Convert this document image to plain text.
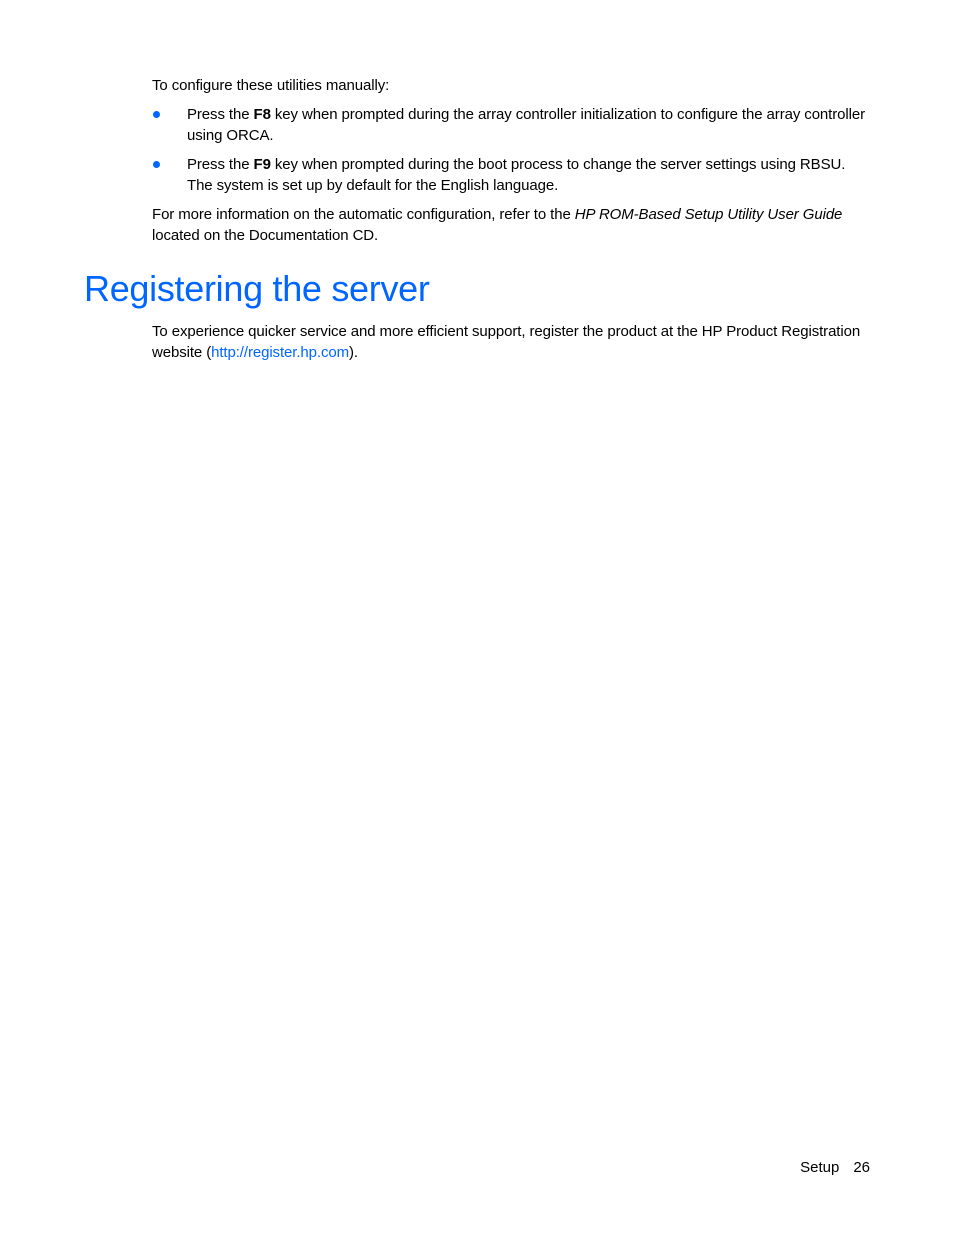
To configure these utilities manually:

Press the F8 key when prompted during the array controller initialization to configure the array controller using ORCA.
Press the F9 key when prompted during the boot process to change the server settings using RBSU. The system is set up by default for the English language.

For more information on the automatic configuration, refer to the HP ROM-Based Setup Utility User Guide located on the Documentation CD.

Registering the server

To experience quicker service and more efficient support, register the product at the HP Product Registration website (http://register.hp.com).

Setup 26
